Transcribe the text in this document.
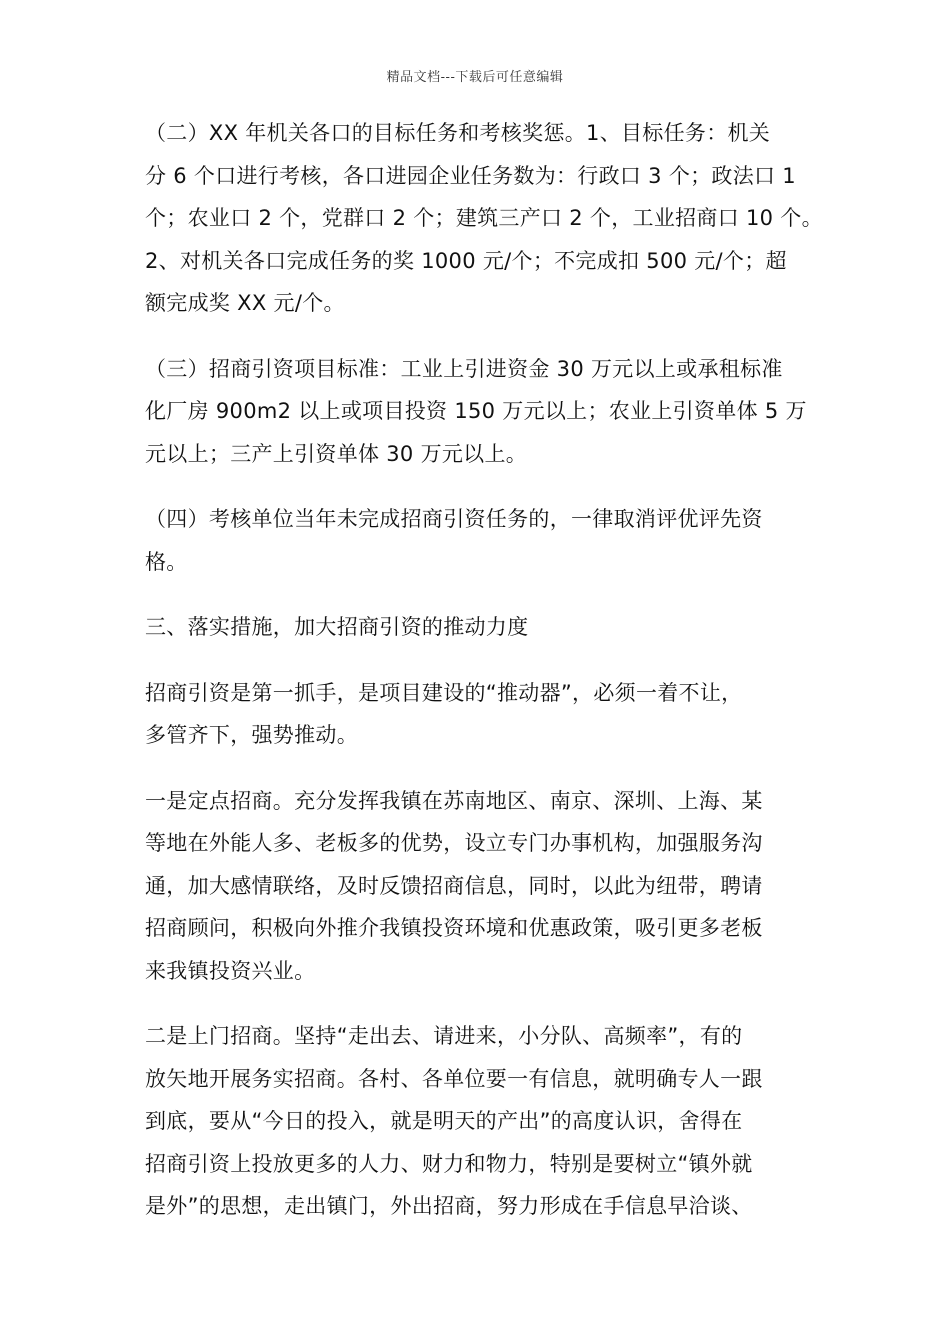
精品文档---下载后可任意编辑

（二）XX 年机关各口的目标任务和考核奖惩。1、目标任务：机关
分 6 个口进行考核，各口进园企业任务数为：行政口 3 个；政法口 1
个；农业口 2 个，党群口 2 个；建筑三产口 2 个，工业招商口 10 个。
2、对机关各口完成任务的奖 1000 元/个；不完成扣 500 元/个；超
额完成奖 XX 元/个。

（三）招商引资项目标准：工业上引进资金 30 万元以上或承租标准
化厂房 900m2 以上或项目投资 150 万元以上；农业上引资单体 5 万
元以上；三产上引资单体 30 万元以上。

（四）考核单位当年未完成招商引资任务的，一律取消评优评先资
格。

三、落实措施，加大招商引资的推动力度

招商引资是第一抓手，是项目建设的“推动器”，必须一着不让，
多管齐下，强势推动。

一是定点招商。充分发挥我镇在苏南地区、南京、深圳、上海、某
等地在外能人多、老板多的优势，设立专门办事机构，加强服务沟
通，加大感情联络，及时反馈招商信息，同时，以此为纽带，聘请
招商顾问，积极向外推介我镇投资环境和优惠政策，吸引更多老板
来我镇投资兴业。

二是上门招商。坚持“走出去、请进来，小分队、高频率”，有的
放矢地开展务实招商。各村、各单位要一有信息，就明确专人一跟
到底，要从“今日的投入，就是明天的产出”的高度认识，舍得在
招商引资上投放更多的人力、财力和物力，特别是要树立“镇外就
是外”的思想，走出镇门，外出招商，努力形成在手信息早洽谈、
